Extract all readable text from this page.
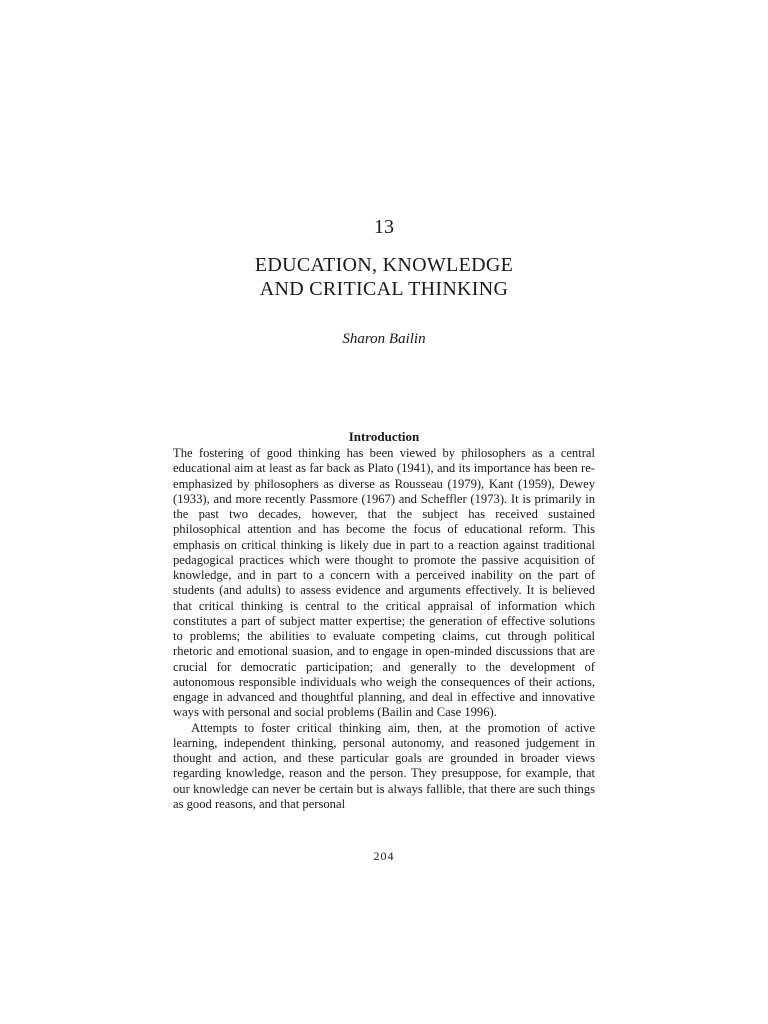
13
EDUCATION, KNOWLEDGE
AND CRITICAL THINKING
Sharon Bailin
Introduction

The fostering of good thinking has been viewed by philosophers as a central educational aim at least as far back as Plato (1941), and its importance has been re-emphasized by philosophers as diverse as Rousseau (1979), Kant (1959), Dewey (1933), and more recently Passmore (1967) and Scheffler (1973). It is primarily in the past two decades, however, that the subject has received sustained philosophical attention and has become the focus of educational reform. This emphasis on critical thinking is likely due in part to a reaction against traditional pedagogical practices which were thought to promote the passive acquisition of knowledge, and in part to a concern with a perceived inability on the part of students (and adults) to assess evidence and arguments effectively. It is believed that critical thinking is central to the critical appraisal of information which constitutes a part of subject matter expertise; the generation of effective solutions to problems; the abilities to evaluate competing claims, cut through political rhetoric and emotional suasion, and to engage in open-minded discussions that are crucial for democratic participation; and generally to the development of autonomous responsible individuals who weigh the consequences of their actions, engage in advanced and thoughtful planning, and deal in effective and innovative ways with personal and social problems (Bailin and Case 1996).

Attempts to foster critical thinking aim, then, at the promotion of active learning, independent thinking, personal autonomy, and reasoned judgement in thought and action, and these particular goals are grounded in broader views regarding knowledge, reason and the person. They presuppose, for example, that our knowledge can never be certain but is always fallible, that there are such things as good reasons, and that personal

204
